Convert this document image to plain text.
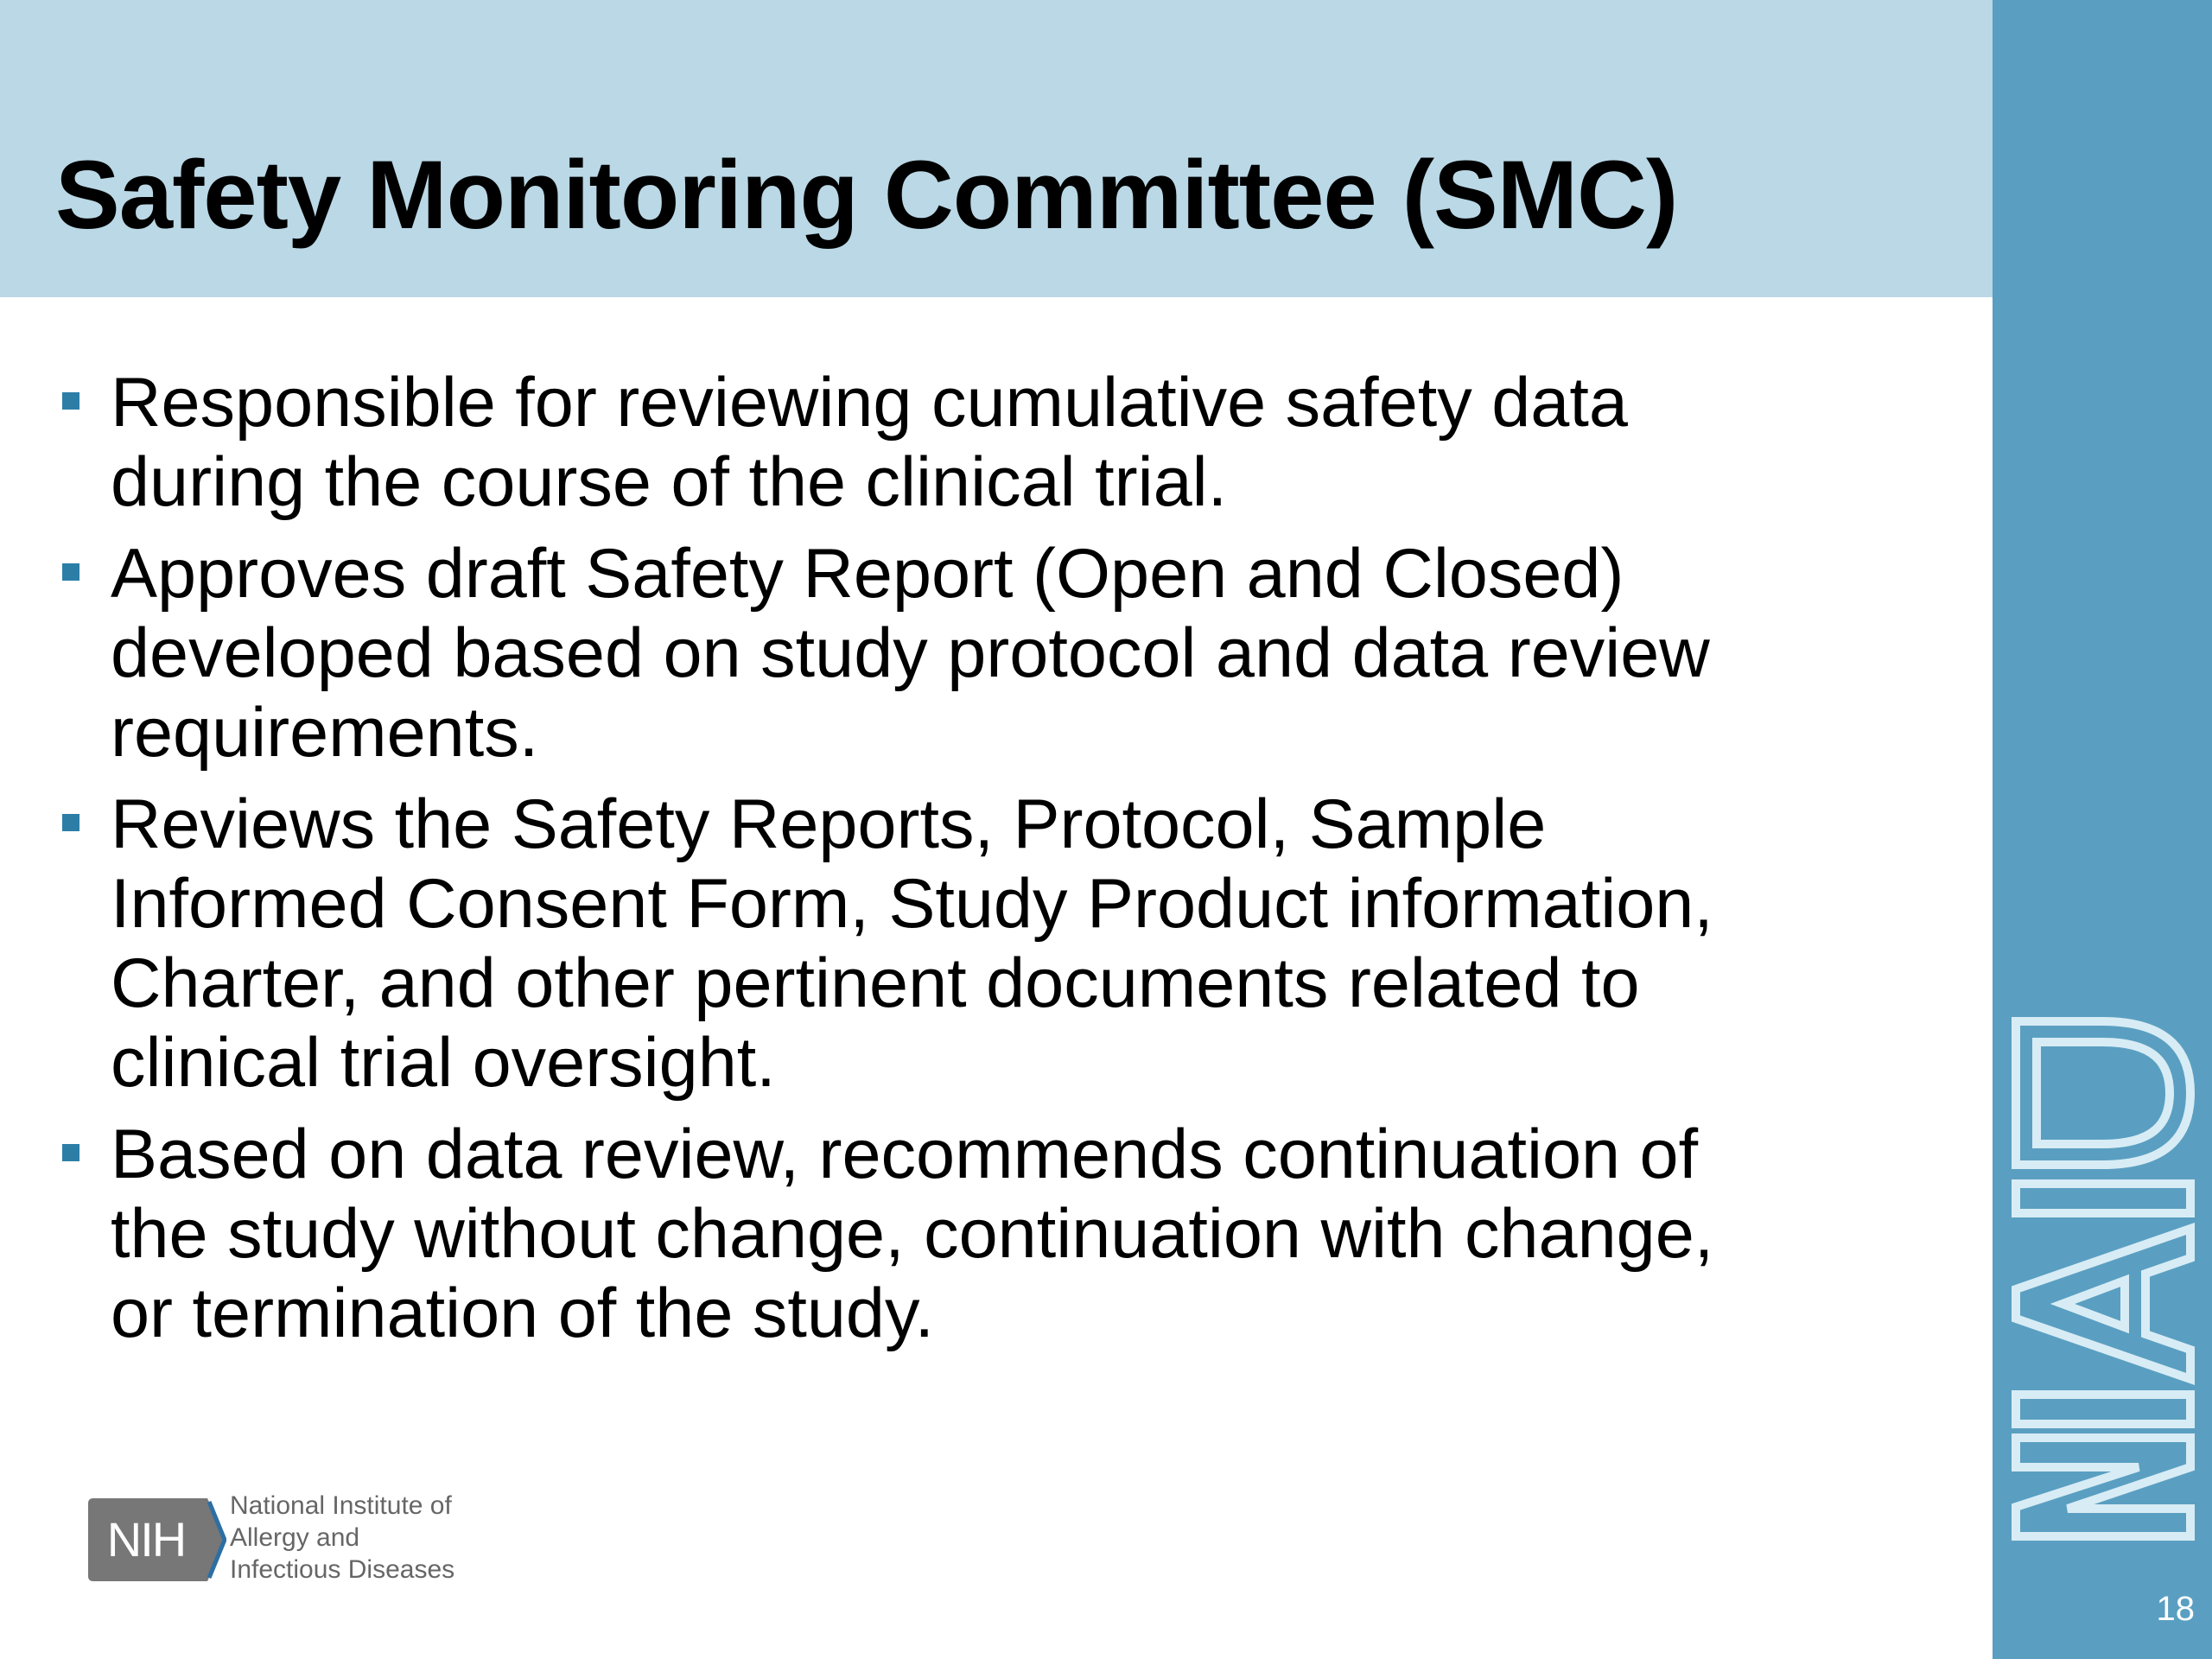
Safety Monitoring Committee (SMC)
18
Responsible for reviewing cumulative safety data
during the course of the clinical trial.
Approves draft Safety Report (Open and Closed)
developed based on study protocol and data review
requirements.
Reviews the Safety Reports, Protocol, Sample
Informed Consent Form, Study Product information,
Charter, and other pertinent documents related to
clinical trial oversight.
Based on data review, recommends continuation of
the study without change, continuation with change,
or termination of the study.
NIH
National Institute of
Allergy and
Infectious Diseases
